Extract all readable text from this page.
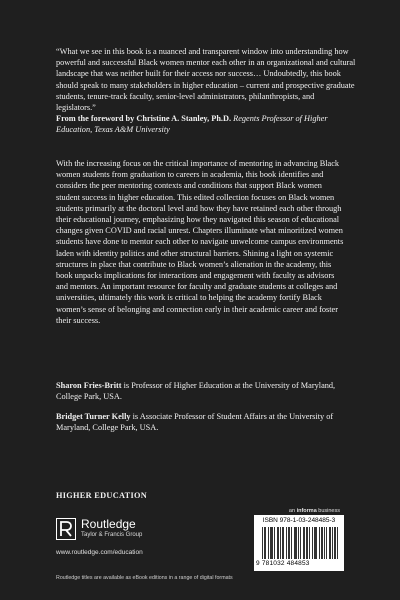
“What we see in this book is a nuanced and transparent window into understanding how powerful and successful Black women mentor each other in an organizational and cultural landscape that was neither built for their access nor success… Undoubtedly, this book should speak to many stakeholders in higher education – current and prospective graduate students, tenure-track faculty, senior-level administrators, philanthropists, and legislators.”

From the foreword by Christine A. Stanley, Ph.D. Regents Professor of Higher Education, Texas A&M University

With the increasing focus on the critical importance of mentoring in advancing Black women students from graduation to careers in academia, this book identifies and considers the peer mentoring contexts and conditions that support Black women student success in higher education. This edited collection focuses on Black women students primarily at the doctoral level and how they have retained each other through their educational journey, emphasizing how they navigated this season of educational changes given COVID and racial unrest. Chapters illuminate what minoritized women students have done to mentor each other to navigate unwelcome campus environments laden with identity politics and other structural barriers. Shining a light on systemic structures in place that contribute to Black women’s alienation in the academy, this book unpacks implications for interactions and engagement with faculty as advisors and mentors. An important resource for faculty and graduate students at colleges and universities, ultimately this work is critical to helping the academy fortify Black women’s sense of belonging and connection early in their academic career and foster their success.

Sharon Fries-Britt is Professor of Higher Education at the University of Maryland, College Park, USA.

Bridget Turner Kelly is Associate Professor of Student Affairs at the University of Maryland, College Park, USA.

HIGHER EDUCATION

an informa business
Routledge
Taylor & Francis Group
www.routledge.com/education
Routledge titles are available as eBook editions in a range of digital formats
ISBN 978-1-03-248485-3
9 781032 484853
